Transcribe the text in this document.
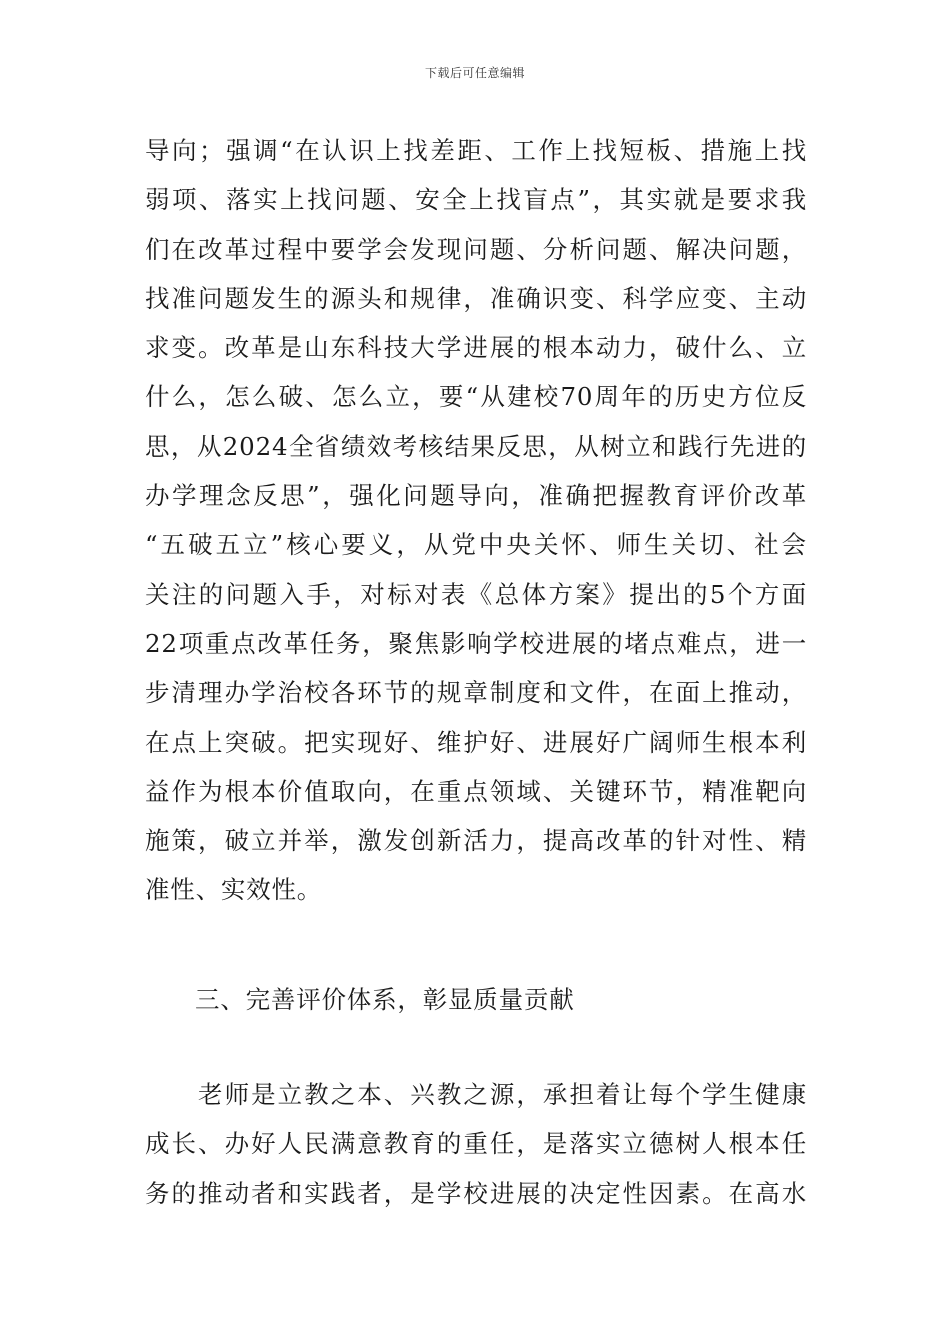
下载后可任意编辑
导向；强调“在认识上找差距、工作上找短板、措施上找
弱项、落实上找问题、安全上找盲点”，其实就是要求我
们在改革过程中要学会发现问题、分析问题、解决问题，
找准问题发生的源头和规律，准确识变、科学应变、主动
求变。改革是山东科技大学进展的根本动力，破什么、立
什么，怎么破、怎么立，要“从建校70周年的历史方位反
思，从2024全省绩效考核结果反思，从树立和践行先进的
办学理念反思”，强化问题导向，准确把握教育评价改革
“五破五立”核心要义，从党中央关怀、师生关切、社会
关注的问题入手，对标对表《总体方案》提出的5个方面
22项重点改革任务，聚焦影响学校进展的堵点难点，进一
步清理办学治校各环节的规章制度和文件，在面上推动，
在点上突破。把实现好、维护好、进展好广阔师生根本利
益作为根本价值取向，在重点领域、关键环节，精准靶向
施策，破立并举，激发创新活力，提高改革的针对性、精
准性、实效性。
三、完善评价体系，彰显质量贡献
　　老师是立教之本、兴教之源，承担着让每个学生健康
成长、办好人民满意教育的重任，是落实立德树人根本任
务的推动者和实践者，是学校进展的决定性因素。在高水
